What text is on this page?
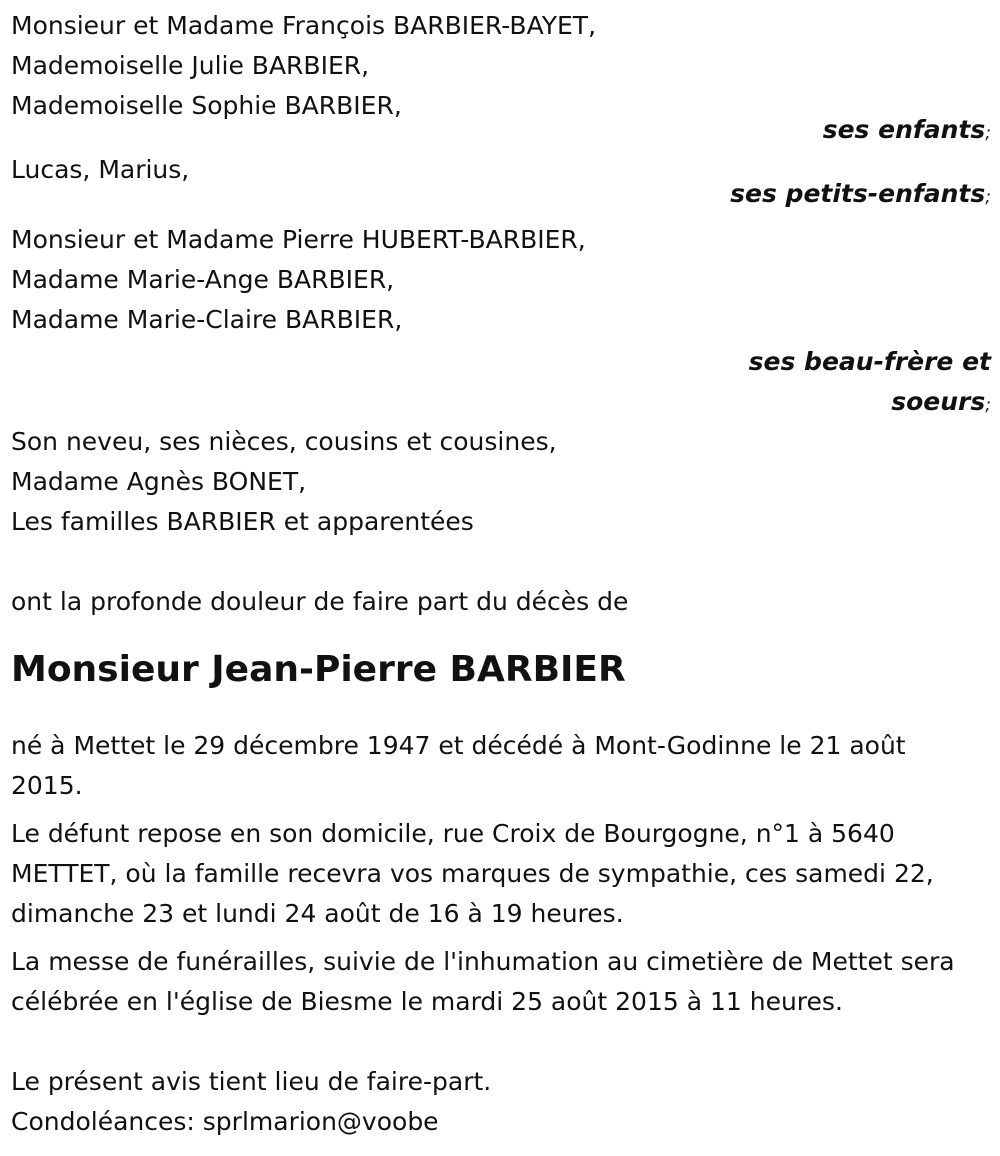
Monsieur et Madame François BARBIER-BAYET,
Mademoiselle Julie BARBIER,
Mademoiselle Sophie BARBIER,
ses enfants;
Lucas, Marius,
ses petits-enfants;
Monsieur et Madame Pierre HUBERT-BARBIER,
Madame Marie-Ange BARBIER,
Madame Marie-Claire BARBIER,
ses beau-frère et
soeurs;
Son neveu, ses nièces, cousins et cousines,
Madame Agnès BONET,
Les familles BARBIER et apparentées
ont la profonde douleur de faire part du décès de
Monsieur Jean-Pierre BARBIER
né à Mettet le 29 décembre 1947 et décédé à Mont-Godinne le 21 août 2015.
Le défunt repose en son domicile, rue Croix de Bourgogne, n°1 à 5640 METTET, où la famille recevra vos marques de sympathie, ces samedi 22, dimanche 23 et lundi 24 août de 16 à 19 heures.
La messe de funérailles, suivie de l'inhumation au cimetière de Mettet sera célébrée en l'église de Biesme le mardi 25 août 2015 à 11 heures.
Le présent avis tient lieu de faire-part.
Condoléances: sprlmarion@voobe
